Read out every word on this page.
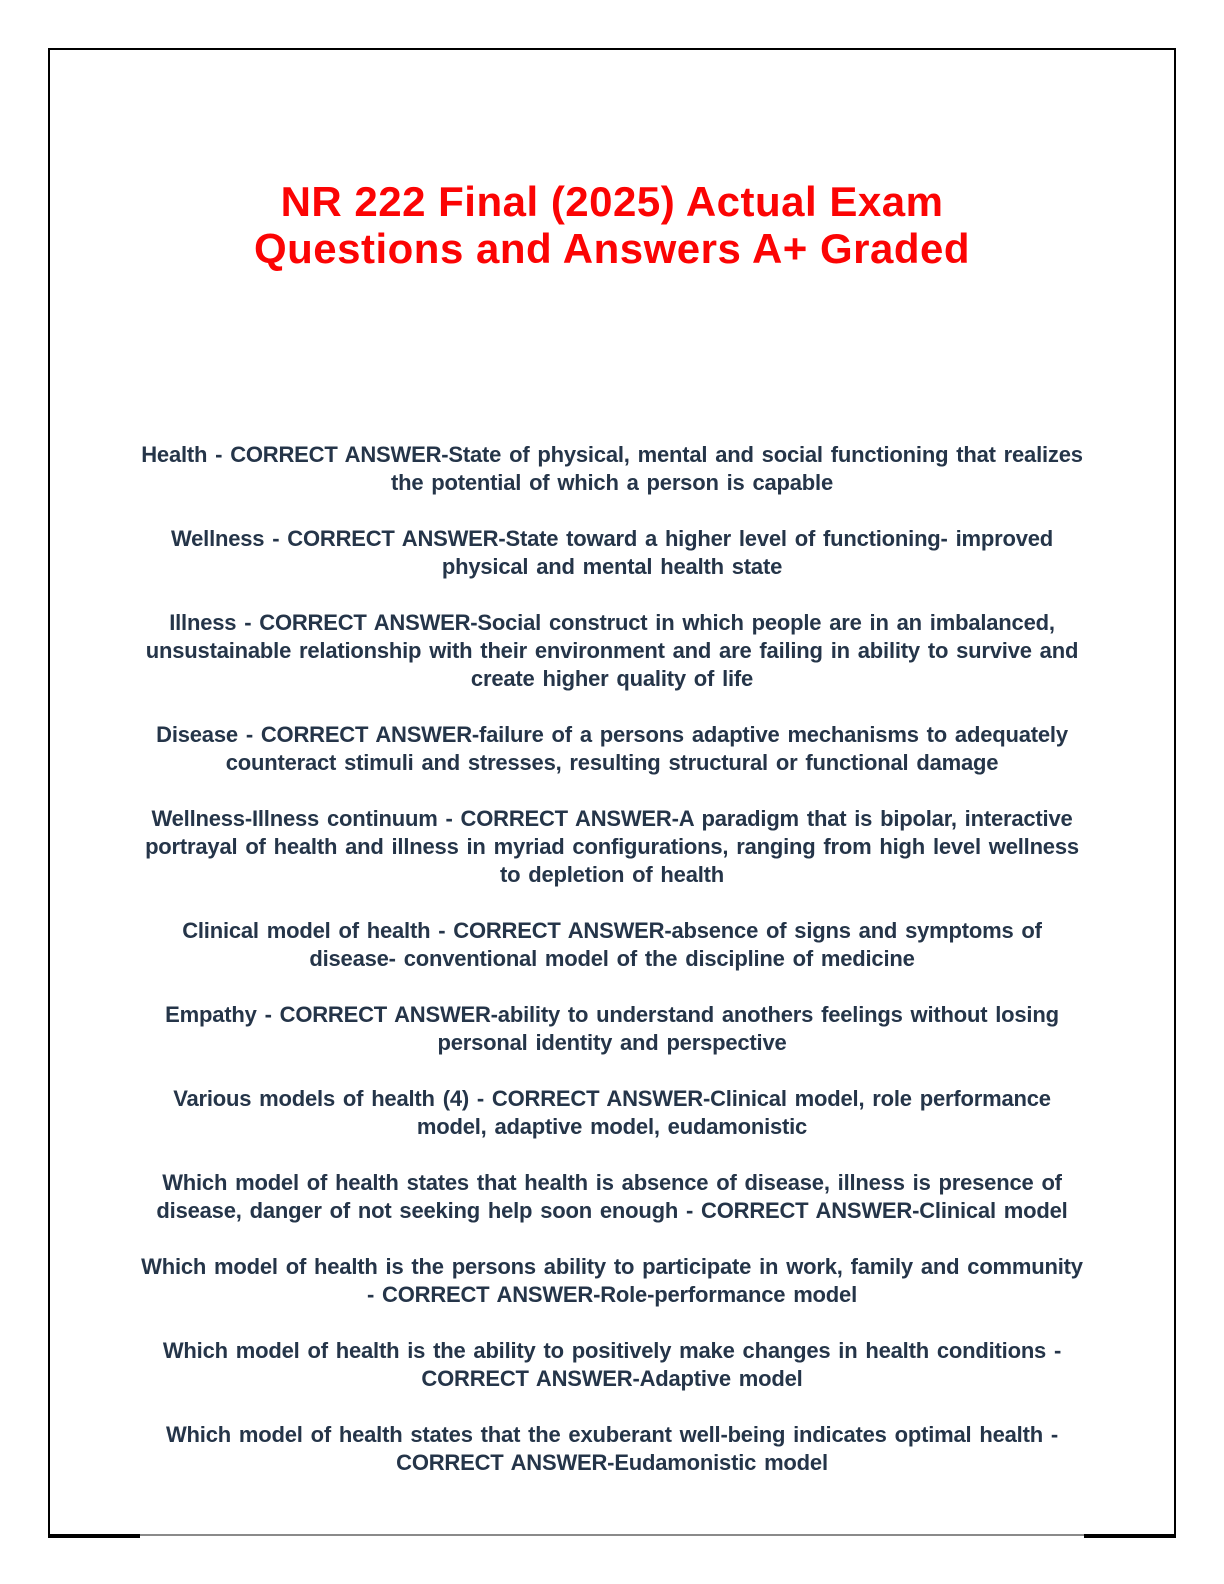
NR 222 Final (2025) Actual Exam
Questions and Answers A+ Graded

Health - CORRECT ANSWER-State of physical, mental and social functioning that realizes the potential of which a person is capable

Wellness - CORRECT ANSWER-State toward a higher level of functioning- improved physical and mental health state

Illness - CORRECT ANSWER-Social construct in which people are in an imbalanced, unsustainable relationship with their environment and are failing in ability to survive and create higher quality of life

Disease - CORRECT ANSWER-failure of a persons adaptive mechanisms to adequately counteract stimuli and stresses, resulting structural or functional damage

Wellness-Illness continuum - CORRECT ANSWER-A paradigm that is bipolar, interactive portrayal of health and illness in myriad configurations, ranging from high level wellness to depletion of health

Clinical model of health - CORRECT ANSWER-absence of signs and symptoms of disease- conventional model of the discipline of medicine

Empathy - CORRECT ANSWER-ability to understand anothers feelings without losing personal identity and perspective

Various models of health (4) - CORRECT ANSWER-Clinical model, role performance model, adaptive model, eudamonistic

Which model of health states that health is absence of disease, illness is presence of disease, danger of not seeking help soon enough - CORRECT ANSWER-Clinical model

Which model of health is the persons ability to participate in work, family and community - CORRECT ANSWER-Role-performance model

Which model of health is the ability to positively make changes in health conditions - CORRECT ANSWER-Adaptive model

Which model of health states that the exuberant well-being indicates optimal health - CORRECT ANSWER-Eudamonistic model
